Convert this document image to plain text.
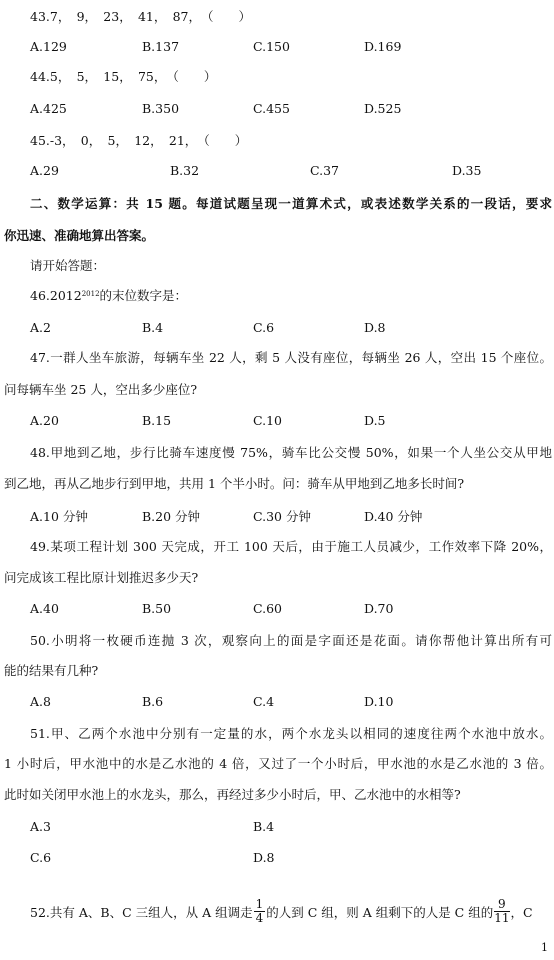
43.7，　9，　23，　41，　87，　（　　）
A.129	B.137	C.150	D.169
44.5，　5，　15，　75，　（　　）
A.425	B.350	C.455	D.525
45.-3，　0，　5，　12，　21，　（　　）
A.29	B.32	C.37	D.35
二、数学运算：共 15 题。每道试题呈现一道算术式，或表述数学关系的一段话，要求
你迅速、准确地算出答案。
请开始答题：
$46.2012^{2012}$的末位数字是：
A.2	B.4	C.6	D.8
47.一群人坐车旅游，每辆车坐 22 人，剩 5 人没有座位，每辆坐 26 人，空出 15 个座位。
问每辆车坐 25 人，空出多少座位?
A.20	B.15	C.10	D.5
48.甲地到乙地，步行比骑车速度慢 75%，骑车比公交慢 50%，如果一个人坐公交从甲地
到乙地，再从乙地步行到甲地，共用 1 个半小时。问：骑车从甲地到乙地多长时间?
A.10 分钟	B.20 分钟	C.30 分钟	D.40 分钟
49.某项工程计划 300 天完成，开工 100 天后，由于施工人员减少，工作效率下降 20%，
问完成该工程比原计划推迟多少天?
A.40	B.50	C.60	D.70
50.小明将一枚硬币连抛 3 次，观察向上的面是字面还是花面。请你帮他计算出所有可
能的结果有几种?
A.8	B.6	C.4	D.10
51.甲、乙两个水池中分别有一定量的水，两个水龙头以相同的速度往两个水池中放水。
1 小时后，甲水池中的水是乙水池的 4 倍，又过了一个小时后，甲水池的水是乙水池的 3 倍。
此时如关闭甲水池上的水龙头，那么，再经过多少小时后，甲、乙水池中的水相等?
A.3	B.4
C.6	D.8
52.共有 A、B、C 三组人，从 A 组调走 $\frac{1}{4}$ 的人到 C 组，则 A 组剩下的人是 C 组的 $\frac{9}{11}$ ，C
1
